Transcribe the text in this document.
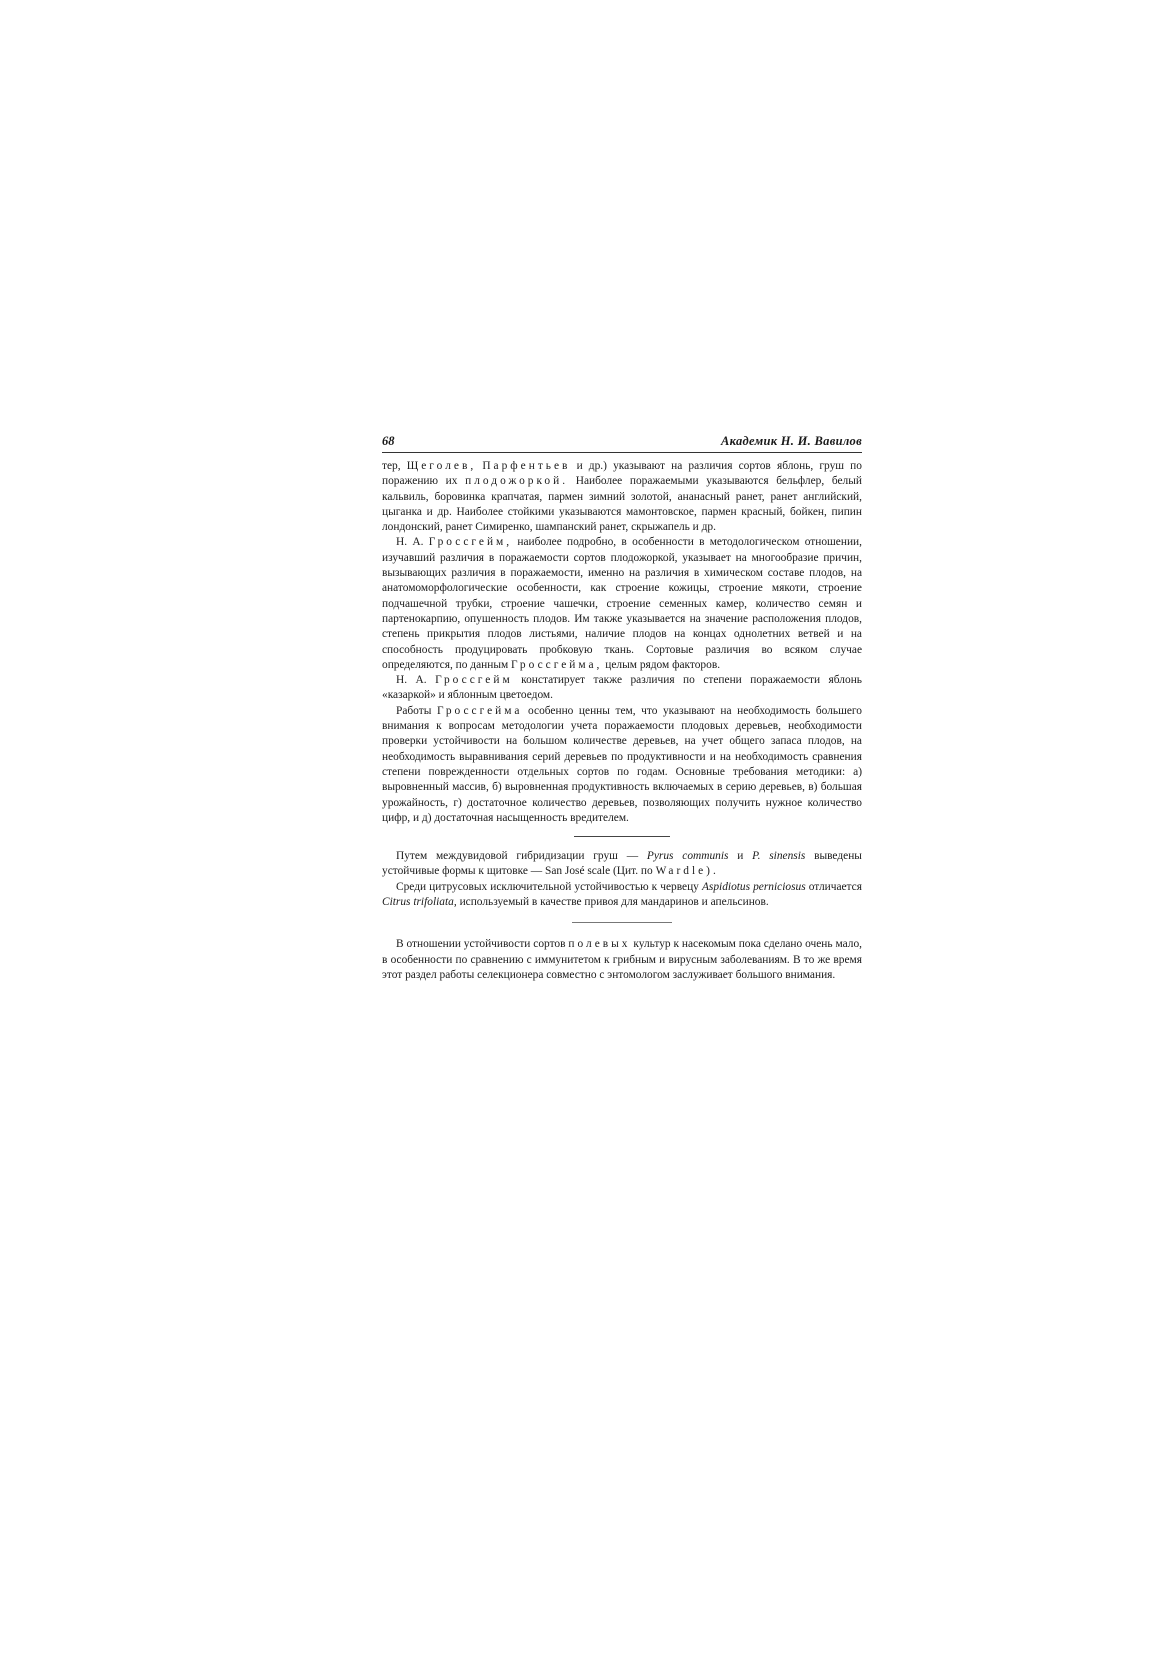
68	Академик Н. И. Вавилов

тер, Щеголев, Парфентьев и др.) указывают на различия сортов яблонь, груш по поражению их плодожоркой. Наиболее поражаемыми указываются бельфлер, белый кальвиль, боровинка крапчатая, пармен зимний золотой, ананасный ранет, ранет английский, цыганка и др. Наиболее стойкими указываются мамонтовское, пармен красный, бойкен, пипин лондонский, ранет Симиренко, шампанский ранет, скрыжапель и др.

Н. А. Гроссгейм, наиболее подробно, в особенности в методологическом отношении, изучавший различия в поражаемости сортов плодожоркой, указывает на многообразие причин, вызывающих различия в поражаемости, именно на различия в химическом составе плодов, на анатомоморфологические особенности, как строение кожицы, строение мякоти, строение подчашечной трубки, строение чашечки, строение семенных камер, количество семян и партенокарпию, опушенность плодов. Им также указывается на значение расположения плодов, степень прикрытия плодов листьями, наличие плодов на концах однолетних ветвей и на способность продуцировать пробковую ткань. Сортовые различия во всяком случае определяются, по данным Гроссгейма, целым рядом факторов.

Н. А. Гроссгейм констатирует также различия по степени поражаемости яблонь «казаркой» и яблонным цветоедом.

Работы Гроссгейма особенно ценны тем, что указывают на необходимость большего внимания к вопросам методологии учета поражаемости плодовых деревьев, необходимости проверки устойчивости на большом количестве деревьев, на учет общего запаса плодов, на необходимость выравнивания серий деревьев по продуктивности и на необходимость сравнения степени поврежденности отдельных сортов по годам. Основные требования методики: а) выровненный массив, б) выровненная продуктивность включаемых в серию деревьев, в) большая урожайность, г) достаточное количество деревьев, позволяющих получить нужное количество цифр, и д) достаточная насыщенность вредителем.

Путем междувидовой гибридизации груш — Pyrus communis и P. sinensis выведены устойчивые формы к щитовке — San José scale (Цит. по Wardle).

Среди цитрусовых исключительной устойчивостью к червецу Aspidiotus perniciosus отличается Citrus trifoliata, используемый в качестве привоя для мандаринов и апельсинов.

В отношении устойчивости сортов полевых культур к насекомым пока сделано очень мало, в особенности по сравнению с иммунитетом к грибным и вирусным заболеваниям. В то же время этот раздел работы селекционера совместно с энтомологом заслуживает большого внимания.
